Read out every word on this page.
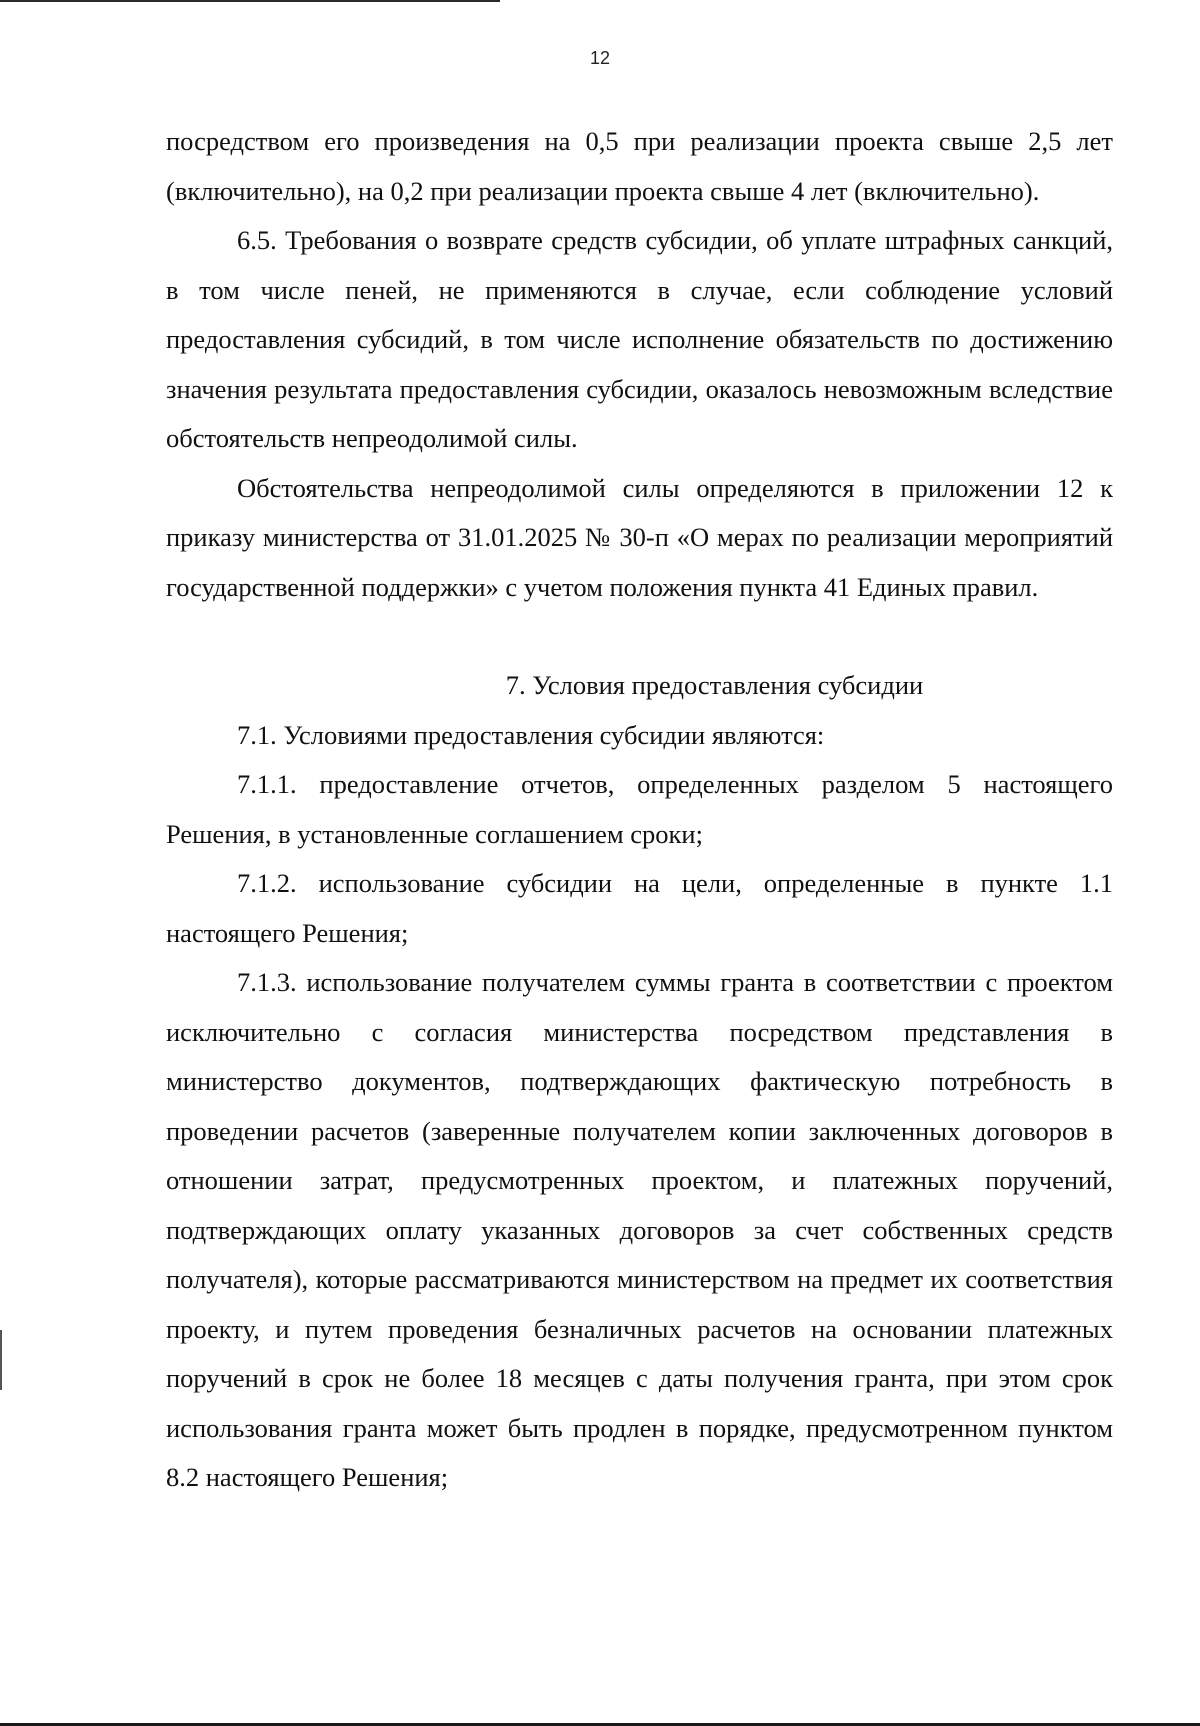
12

посредством его произведения на 0,5 при реализации проекта свыше 2,5 лет (включительно), на 0,2 при реализации проекта свыше 4 лет (включительно).

6.5. Требования о возврате средств субсидии, об уплате штрафных санкций, в том числе пеней, не применяются в случае, если соблюдение условий предоставления субсидий, в том числе исполнение обязательств по достижению значения результата предоставления субсидии, оказалось невозможным вследствие обстоятельств непреодолимой силы.

Обстоятельства непреодолимой силы определяются в приложении 12 к приказу министерства от 31.01.2025 № 30-п «О мерах по реализации мероприятий государственной поддержки» с учетом положения пункта 41 Единых правил.

7. Условия предоставления субсидии

7.1. Условиями предоставления субсидии являются:

7.1.1. предоставление отчетов, определенных разделом 5 настоящего Решения, в установленные соглашением сроки;

7.1.2. использование субсидии на цели, определенные в пункте 1.1 настоящего Решения;

7.1.3. использование получателем суммы гранта в соответствии с проектом исключительно с согласия министерства посредством представления в министерство документов, подтверждающих фактическую потребность в проведении расчетов (заверенные получателем копии заключенных договоров в отношении затрат, предусмотренных проектом, и платежных поручений, подтверждающих оплату указанных договоров за счет собственных средств получателя), которые рассматриваются министерством на предмет их соответствия проекту, и путем проведения безналичных расчетов на основании платежных поручений в срок не более 18 месяцев с даты получения гранта, при этом срок использования гранта может быть продлен в порядке, предусмотренном пунктом 8.2 настоящего Решения;
